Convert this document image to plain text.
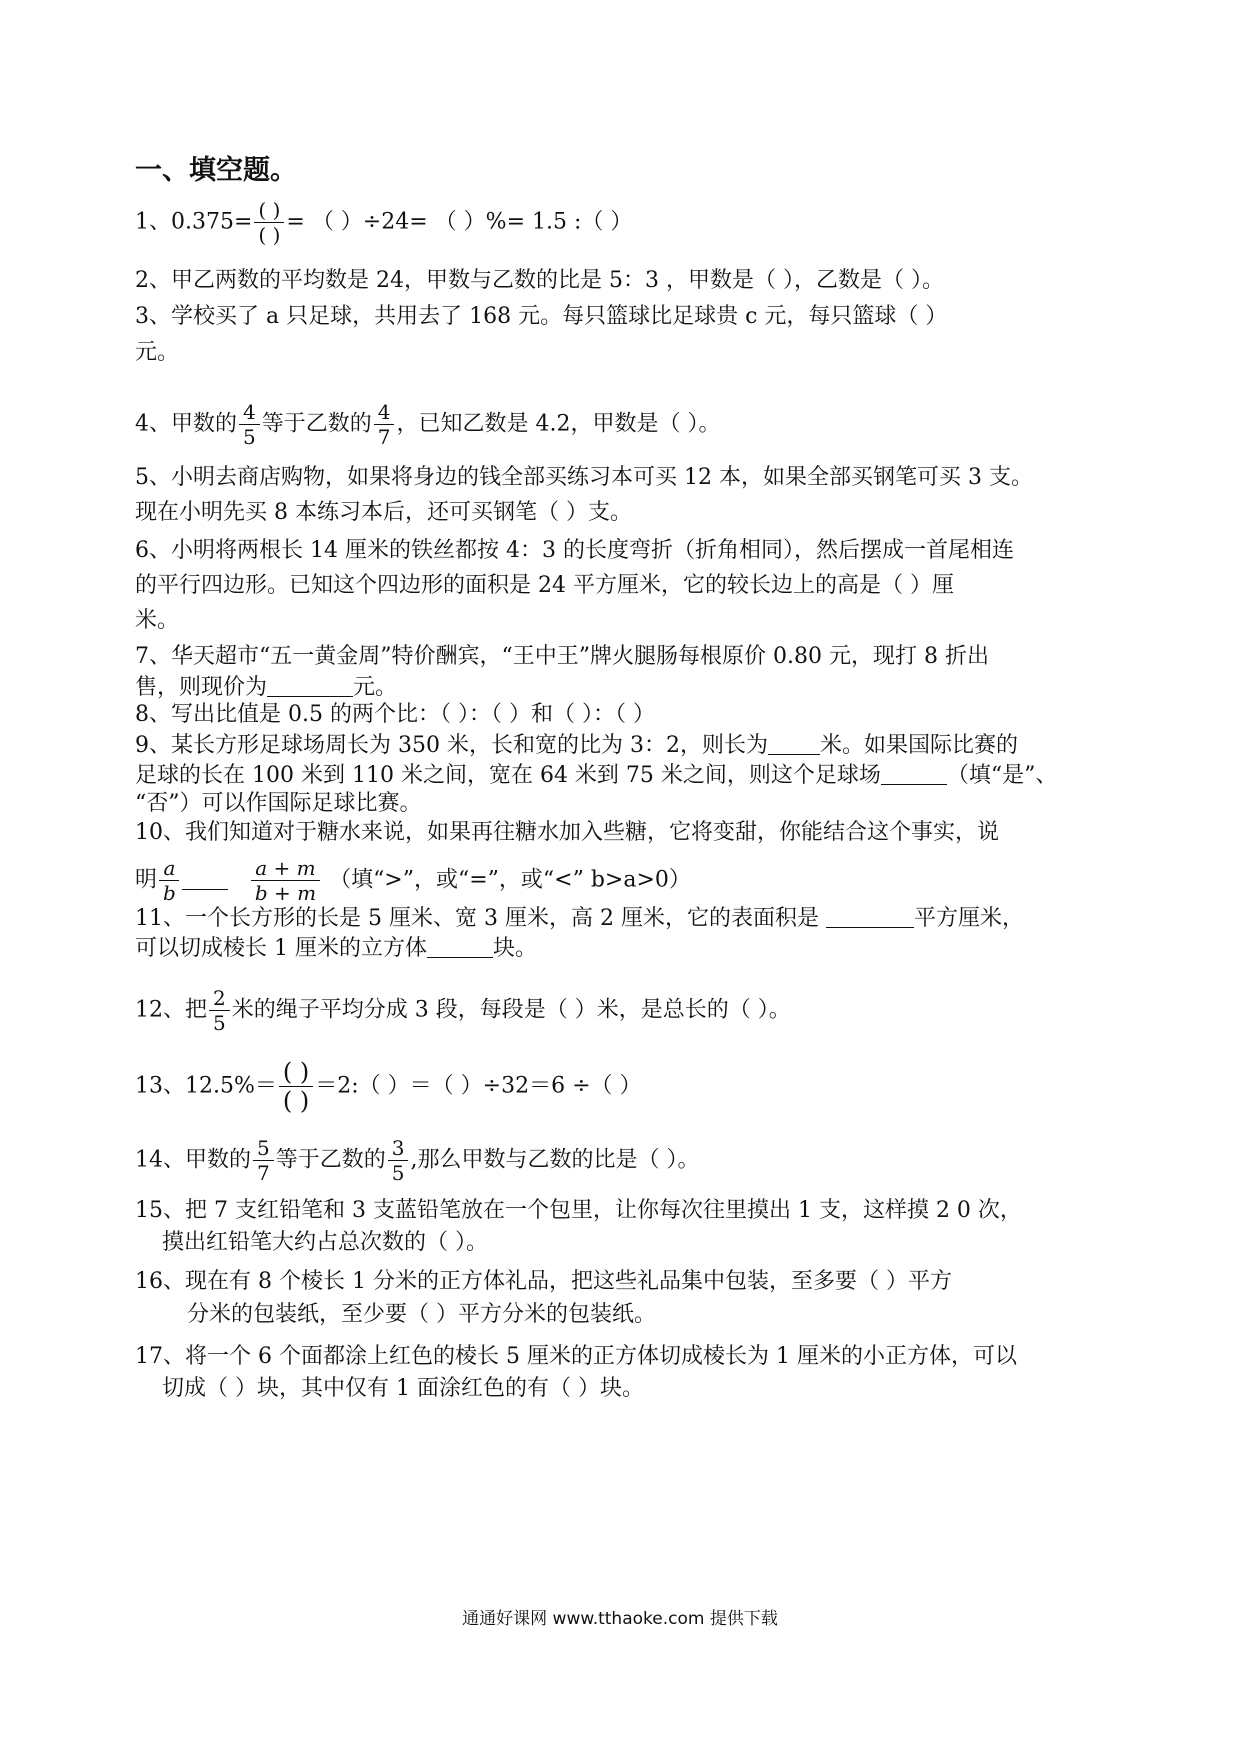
一、填空题。
1、$0.375= \frac{( )}{( )}$ = （ ）÷24= （ ）%= 1.5 :（ ）
2、甲乙两数的平均数是 24，甲数与乙数的比是 5：3 ，甲数是（ ），乙数是（ ）。
3、学校买了 a 只足球，共用去了 168 元。每只篮球比足球贵 c 元，每只篮球（ ）
元。
4、甲数的 $\frac{4}{5}$ 等于乙数的 $\frac{4}{7}$ ，已知乙数是 4.2，甲数是（ ）。
5、小明去商店购物，如果将身边的钱全部买练习本可买 12 本，如果全部买钢笔可买 3 支。
现在小明先买 8 本练习本后，还可买钢笔（ ）支。
6、小明将两根长 14 厘米的铁丝都按 4：3 的长度弯折（折角相同），然后摆成一首尾相连
的平行四边形。已知这个四边形的面积是 24 平方厘米，它的较长边上的高是（ ）厘
米。
7、华天超市“五一黄金周”特价酬宾，“王中王”牌火腿肠每根原价 0.80 元，现打 8 折出
售，则现价为	元。
8、写出比值是 0.5 的两个比：（ ）：（ ）和（ ）：（ ）
9、某长方形足球场周长为 350 米，长和宽的比为 3：2，则长为 米。如果国际比赛的
足球的长在 100 米到 110 米之间，宽在 64 米到 75 米之间，则这个足球场	（填“是”、
“否”）可以作国际足球比赛。
10、我们知道对于糖水来说，如果再往糖水加入些糖，它将变甜，你能结合这个事实，说
明 $\frac{a}{b}$
	$\frac{a + m}{b + m}$ （填“>”，或“=”，或“<” b>a>0）
11、一个长方形的长是 5 厘米、宽 3 厘米，高 2 厘米，它的表面积是	平方厘米，
可以切成棱长 1 厘米的立方体	块。
12、把 $\frac{2}{5}$ 米的绳子平均分成 3 段，每段是（ ）米，是总长的（ ）。
13、$12.5\%= \frac{( )}{( )}$ ＝2:（ ）＝（ ）÷32＝6 ÷（ ）
14、甲数的 $\frac{5}{7}$ 等于乙数的 $\frac{3}{5}$ ,那么甲数与乙数的比是（ ）。
15、把 7 支红铅笔和 3 支蓝铅笔放在一个包里，让你每次往里摸出 1 支，这样摸 2 0 次，
摸出红铅笔大约占总次数的（ ）。
16、现在有 8 个棱长 1 分米的正方体礼品，把这些礼品集中包装，至多要（ ）平方
分米的包装纸，至少要（ ）平方分米的包装纸。
17、将一个 6 个面都涂上红色的棱长 5 厘米的正方体切成棱长为 1 厘米的小正方体，可以
切成（ ）块，其中仅有 1 面涂红色的有（ ）块。
通通好课网 www.tthaoke.com 提供下载
